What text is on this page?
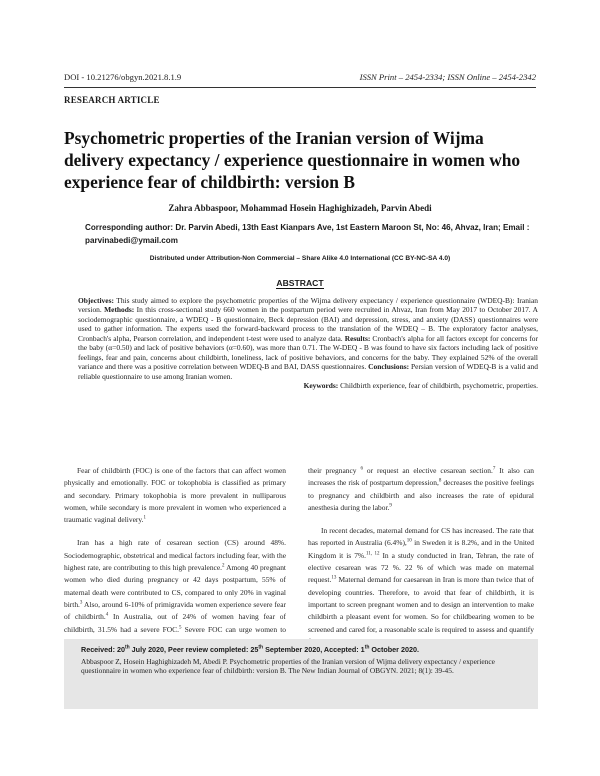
DOI - 10.21276/obgyn.2021.8.1.9	ISSN Print – 2454-2334; ISSN Online – 2454-2342
RESEARCH ARTICLE
Psychometric properties of the Iranian version of Wijma delivery expectancy / experience questionnaire in women who experience fear of childbirth: version B
Zahra Abbaspoor, Mohammad Hosein Haghighizadeh, Parvin Abedi
Corresponding author: Dr. Parvin Abedi, 13th East Kianpars Ave, 1st Eastern Maroon St, No: 46, Ahvaz, Iran; Email : parvinabedi@ymail.com
Distributed under Attribution-Non Commercial – Share Alike 4.0 International (CC BY-NC-SA 4.0)
ABSTRACT
Objectives: This study aimed to explore the psychometric properties of the Wijma delivery expectancy / experience questionnaire (WDEQ-B): Iranian version. Methods: In this cross-sectional study 660 women in the postpartum period were recruited in Ahvaz, Iran from May 2017 to October 2017. A sociodemographic questionnaire, a WDEQ - B questionnaire, Beck depression (BAI) and depression, stress, and anxiety (DASS) questionnaires were used to gather information. The experts used the forward-backward process to the translation of the WDEQ – B. The exploratory factor analyses, Cronbach's alpha, Pearson correlation, and independent t-test were used to analyze data. Results: Cronbach's alpha for all factors except for concerns for the baby (α=0.50) and lack of positive behaviors (α=0.60), was more than 0.71. The W-DEQ - B was found to have six factors including lack of positive feelings, fear and pain, concerns about childbirth, loneliness, lack of positive behaviors, and concerns for the baby. They explained 52% of the overall variance and there was a positive correlation between WDEQ-B and BAI, DASS questionnaires. Conclusions: Persian version of WDEQ-B is a valid and reliable questionnaire to use among Iranian women.
Keywords: Childbirth experience, fear of childbirth, psychometric, properties.

Fear of childbirth (FOC) is one of the factors that can affect women physically and emotionally. FOC or tokophobia is classified as primary and secondary. Primary tokophobia is more prevalent in nulliparous women, while secondary is more prevalent in women who experienced a traumatic vaginal delivery.$^1$

Iran has a high rate of cesarean section (CS) around 48%. Sociodemographic, obstetrical and medical factors including fear, with the highest rate, are contributing to this high prevalence.$^2$ Among 40 pregnant women who died during pregnancy or 42 days postpartum, 55% of maternal death were contributed to CS, compared to only 20% in vaginal birth.$^3$ Also, around 6-10% of primigravida women experience severe fear of childbirth.$^4$ In Australia, out of 24% of women having fear of childbirth, 31.5% had a severe FOC.$^5$ Severe FOC can urge women to

their pregnancy $^6$ or request an elective cesarean section.$^7$ It also can increases the risk of postpartum depression,$^8$ decreases the positive feelings to pregnancy and childbirth and also increases the rate of epidural anesthesia during the labor.$^9$

In recent decades, maternal demand for CS has increased. The rate that has reported in Australia (6.4%),$^{10}$ in Sweden it is 8.2%, and in the United Kingdom it is 7%.$^{11, 12}$ In a study conducted in Iran, Tehran, the rate of elective cesarean was 72 %. 22 % of which was made on maternal request.$^{13}$ Maternal demand for caesarean in Iran is more than twice that of developing countries. Therefore, to avoid that fear of childbirth, it is important to screen pregnant women and to design an intervention to make childbirth a pleasant event for women. So for childbearing women to be screened and cared for, a reasonable scale is required to assess and quantify

Received: 20th July 2020, Peer review completed: 25th September 2020, Accepted: 1th October 2020.
Abbaspoor Z, Hosein Haghighizadeh M, Abedi P. Psychometric properties of the Iranian version of Wijma delivery expectancy / experience questionnaire in women who experience fear of childbirth: version B. The New Indian Journal of OBGYN. 2021; 8(1): 39-45.
